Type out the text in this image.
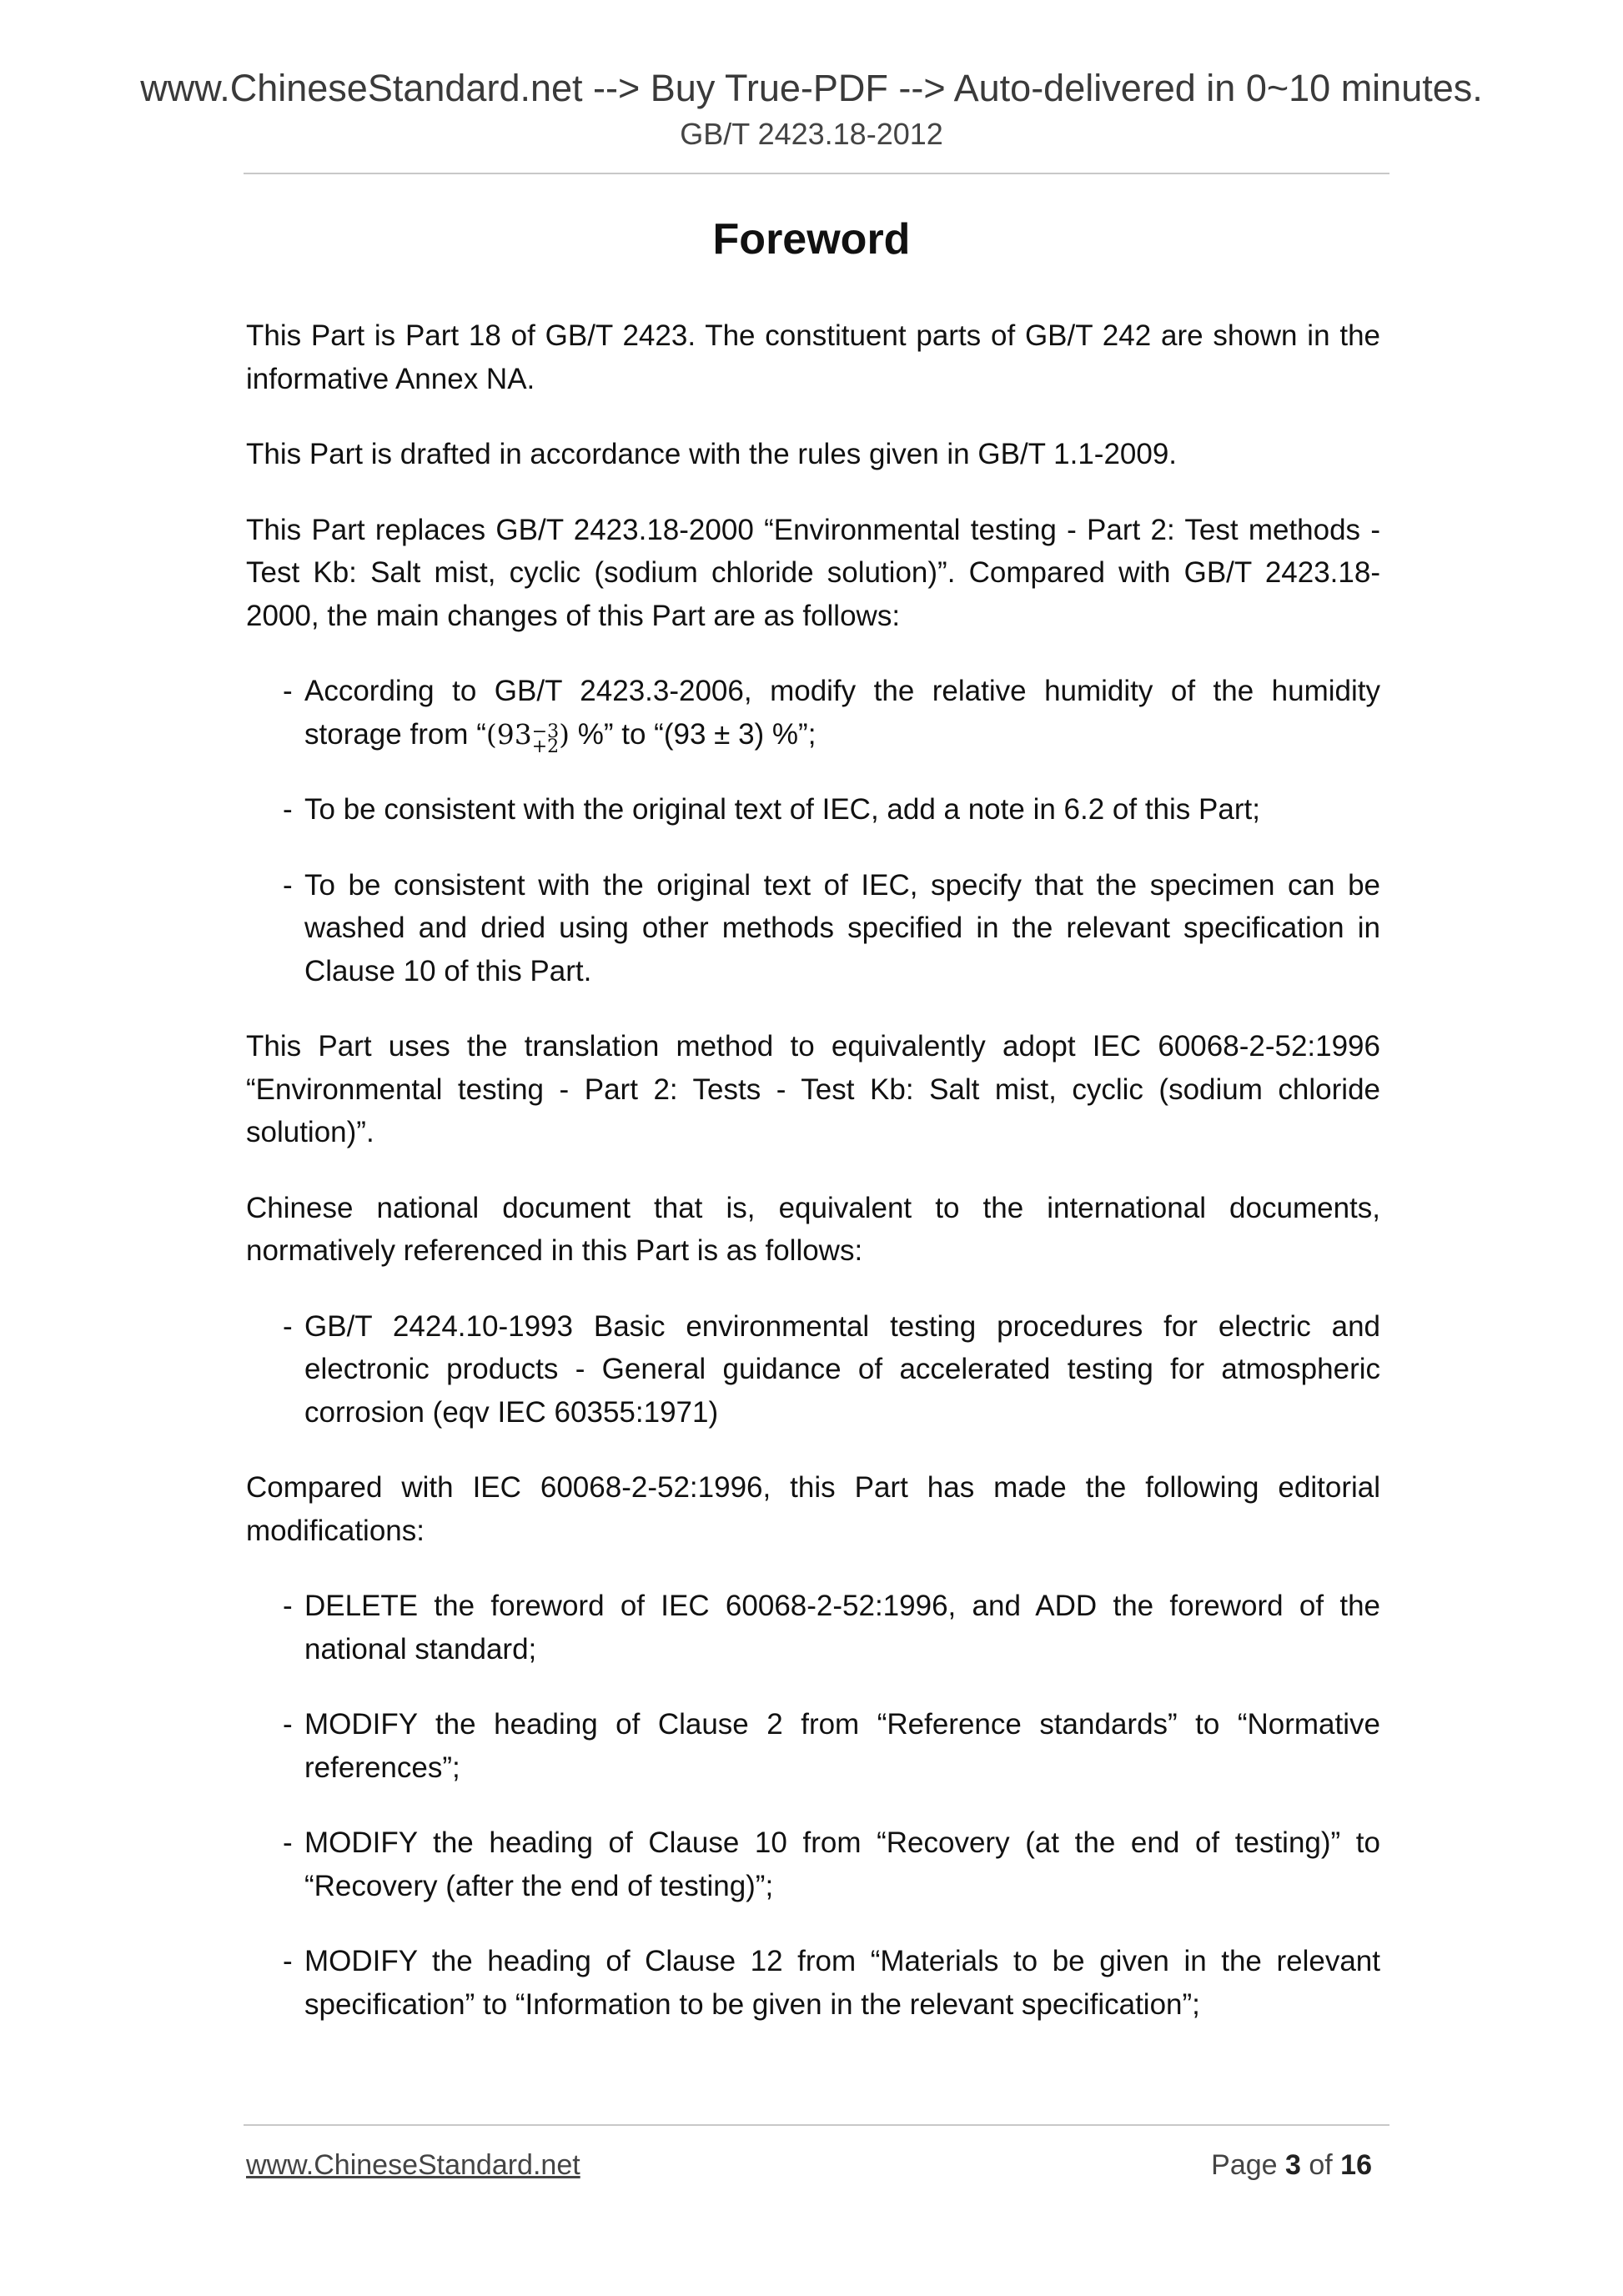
www.ChineseStandard.net --> Buy True-PDF --> Auto-delivered in 0~10 minutes.
GB/T 2423.18-2012
Foreword

This Part is Part 18 of GB/T 2423. The constituent parts of GB/T 242 are shown in the informative Annex NA.

This Part is drafted in accordance with the rules given in GB/T 1.1-2009.

This Part replaces GB/T 2423.18-2000 “Environmental testing - Part 2: Test methods - Test Kb: Salt mist, cyclic (sodium chloride solution)”. Compared with GB/T 2423.18-2000, the main changes of this Part are as follows:

- According to GB/T 2423.3-2006, modify the relative humidity of the humidity storage from “(93 −3
+2 ) %” to “(93 ± 3) %”;
- To be consistent with the original text of IEC, add a note in 6.2 of this Part;
- To be consistent with the original text of IEC, specify that the specimen can be washed and dried using other methods specified in the relevant specification in Clause 10 of this Part.

This Part uses the translation method to equivalently adopt IEC 60068-2-52:1996 “Environmental testing - Part 2: Tests - Test Kb: Salt mist, cyclic (sodium chloride solution)”.

Chinese national document that is, equivalent to the international documents, normatively referenced in this Part is as follows:

- GB/T 2424.10-1993 Basic environmental testing procedures for electric and electronic products - General guidance of accelerated testing for atmospheric corrosion (eqv IEC 60355:1971)

Compared with IEC 60068-2-52:1996, this Part has made the following editorial modifications:

- DELETE the foreword of IEC 60068-2-52:1996, and ADD the foreword of the national standard;
- MODIFY the heading of Clause 2 from “Reference standards” to “Normative references”;
- MODIFY the heading of Clause 10 from “Recovery (at the end of testing)” to “Recovery (after the end of testing)”;
- MODIFY the heading of Clause 12 from “Materials to be given in the relevant specification” to “Information to be given in the relevant specification”;
www.ChineseStandard.net	Page 3 of 16
